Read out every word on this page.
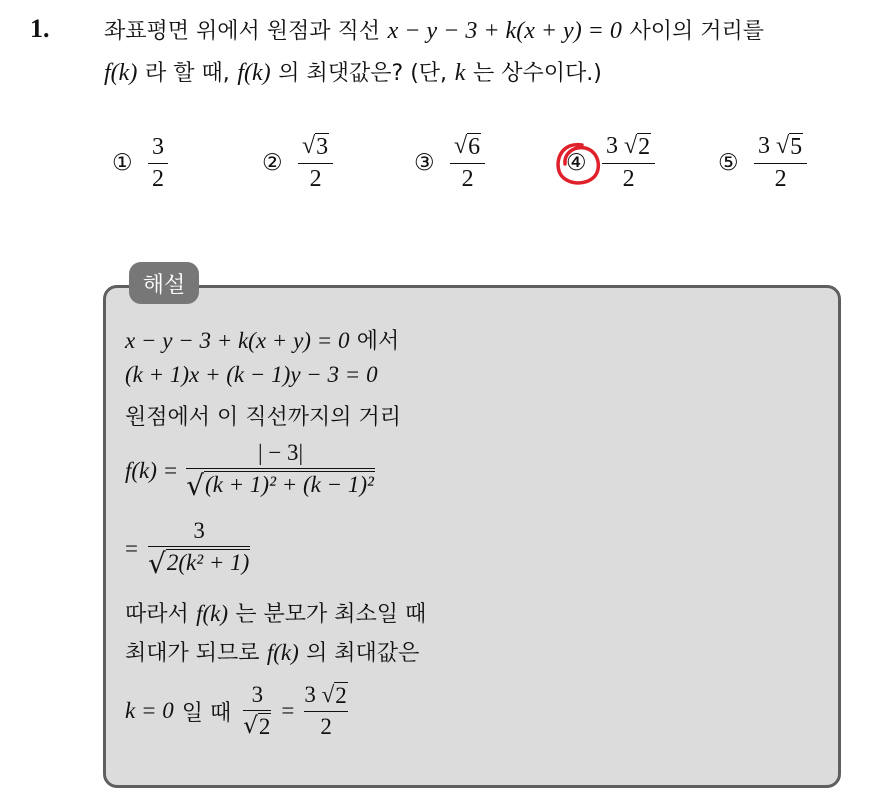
1. 좌표평면 위에서 원점과 직선 x − y − 3 + k(x + y) = 0 사이의 거리를
f(k) 라 할 때, f(k) 의 최댓값은? (단, k 는 상수이다.)
① $\frac{3}{2}$	② $\frac{√ 3}{2}$	③ $\frac{√ 6}{2}$	④ $\frac{3 √ 2}{2}$	⑤ $\frac{3 √ 5}{2}$
해설
x − y − 3 + k(x + y) = 0 에서
(k + 1)x + (k − 1)y − 3 = 0
원점에서 이 직선까지의 거리
f(k) =
| − 3|
√ (k + 1)² + (k − 1)²
=
3
√ 2(k² + 1)
따라서 f(k) 는 분모가 최소일 때
최대가 되므로 f(k) 의 최대값은
k = 0 일 때
3
√ 2
=
3 √ 2
2
